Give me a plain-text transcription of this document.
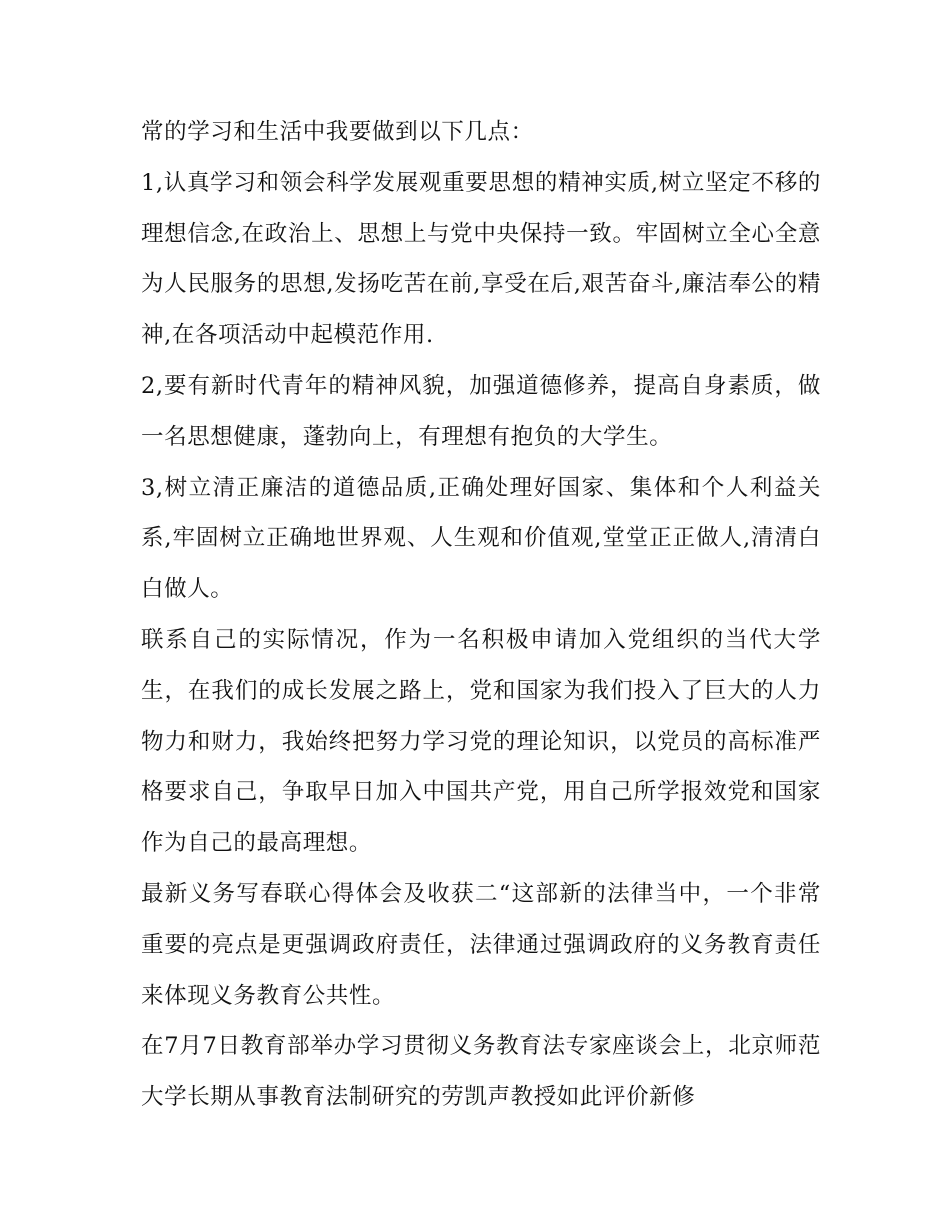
常的学习和生活中我要做到以下几点：

1,认真学习和领会科学发展观重要思想的精神实质,树立坚定不移的理想信念,在政治上、思想上与党中央保持一致。牢固树立全心全意为人民服务的思想,发扬吃苦在前,享受在后,艰苦奋斗,廉洁奉公的精神,在各项活动中起模范作用.

2,要有新时代青年的精神风貌，加强道德修养，提高自身素质，做一名思想健康，蓬勃向上，有理想有抱负的大学生。

3,树立清正廉洁的道德品质,正确处理好国家、集体和个人利益关系,牢固树立正确地世界观、人生观和价值观,堂堂正正做人,清清白白做人。

联系自己的实际情况，作为一名积极申请加入党组织的当代大学生，在我们的成长发展之路上，党和国家为我们投入了巨大的人力物力和财力，我始终把努力学习党的理论知识，以党员的高标准严格要求自己，争取早日加入中国共产党，用自己所学报效党和国家作为自己的最高理想。

最新义务写春联心得体会及收获二“这部新的法律当中，一个非常重要的亮点是更强调政府责任，法律通过强调政府的义务教育责任来体现义务教育公共性。

在7月7日教育部举办学习贯彻义务教育法专家座谈会上，北京师范大学长期从事教育法制研究的劳凯声教授如此评价新修
